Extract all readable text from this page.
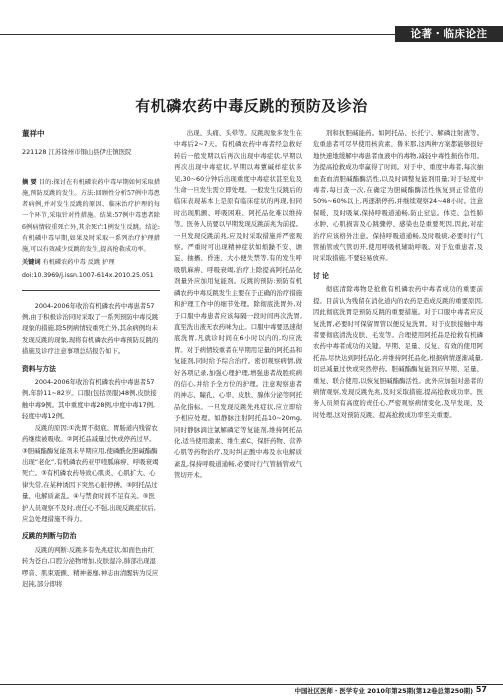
论著・临床论注
有机磷农药中毒反跳的预防及诊治
董祥中
221128 江苏徐州市铜山县伊庄镇医院
摘 要 目的:探讨在有机磷农药中毒早期如何采取措施,预防反跳的发生。方法:回顾性分析57例中毒患者病例,并对发生反跳的原因、临床治疗护理的每一个环节,采取针对性措施。结果:57例中毒患者除6例病情较重死亡外,其余死亡1例发生反跳。结论:有机磷中毒早期,如果及时采取一系列治疗护理措施,可以有效减少反跳的发生,提高抢救成功率。
关键词 有机磷农药中毒 反跳 护理
doi:10.3969/j.issn.1007-614x.2010.25.051

2004-2006年收治有机磷农药中毒患者57例,由于积极诊治同时采取了一系列预防中毒反跳现象的措施,除5例病情较重死亡外,其余病例均未发现反跳的现象,现将有机磷农药中毒预防反跳的措施及诊疗注意事项总结报告如下。

资料与方法

2004-2006年收治有机磷农药中毒患者57例,年龄11~82岁。口服(包括误服)48例,皮肤接触中毒9例。其中重度中毒28例,中度中毒17例,轻度中毒12例。

反跳的原因:①洗胃不彻底、胃肠道内残留农药继续被吸收。②阿托品减量过快或停药过早。③胆碱酯酶复能剂未早期应用,使磷酰化胆碱酯酶出现“老化”,有机磷农药亚甲喹胍麻痹、呼吸衰竭死亡。③有机磷农药导致心肌炎、心肌扩大、心律失常,在某种诱因下突然心脏停搏。③阿托品过量、电解质紊乱。④与禁食时间不足有关。⑤医护人员观察不及时,责任心不强,出现反跳症状后,应急处理措施不得力。

反跳的判断与防治

反跳的判断:反跳多有先兆症状,如面色由红转为苍白,口腔分泌物增加,皮肤湿冷,肺部出现湿啰音、肌束震颤、精神萎靡,神志由清醒转为反应迟钝,部分即将

出现、头痛、头晕等。反跳现象多发生在中毒后2~7天。有机磷农药中毒者经急救好转后一般发期以后再次出现中毒症状,早期以再次出现中毒症状,早期以毒蕈碱样症状多见,30~60分钟后出现重度中毒症状甚至危及生命一旦发生需立即处理。一般发生反跳后的临床表现基本上是原有临床症状的再现,但同时出现肌颤、呼吸困难、阿托品化难以维持等。医务人员要以早期发现反跳前兆为前提。一旦发现反跳前兆,应及时采取措施并严密观察。严重时可出现精神症状如烦躁不安、谵妄、抽搐、昏迷、大小便失禁等,有的发生呼吸肌麻痹、呼吸衰竭,治疗上除提高阿托品化剂量外应加用复能剂。反跳的预防:预防有机磷农药中毒反跳发生主要在于正确的治疗措施和护理工作中的细节处理。除彻底洗胃外,对于口服中毒患者应该每隔一段时间再次洗胃,直至洗出液无农药味为止。口服中毒要迅速彻底洗胃,凡就诊时间在6小时以内的,均应洗胃。对于病情较重者在早期用足量的阿托品和复能剂,同时给予综合治疗。密切观察病情,做好各项记录,加强心理护理,增强患者战胜疾病的信心,并给予全方位的护理。注意观察患者的神志、瞳孔、心率、皮肤、腺体分泌等阿托品化指标。一旦发现反跳先兆症状,应立即给予相应处理。如静脉注射阿托品10~20mg,同时静脉滴注氯解磷定等复能剂,维持阿托品化,适当使用激素、维生素C、保肝药物、营养心肌等药物治疗,及时纠正酸中毒及水电解质紊乱,保持呼吸道通畅,必要时行气管插管或气管切开术。

剂和抗胆碱能药。如阿托品、长托宁、解磷注射液等。危重患者可尽早使用核黄素、鲁米那,这两种方案都能够很好地快速地缓解中毒患者血液中的毒物,减轻中毒性损伤作用。为提高抢救成功率赢得了时间。对于中、重度中毒者,每次抽血查血清胆碱酯酶活性,以及时调整复能剂用量;对于轻度中毒者,每日查一次,在确定为胆碱酯酶活性恢复到正常值的50%~60%以上,再逐渐停药,并继续观察24~48小时。注意保暖、及时吸氧,保持呼吸道通畅,防止窒息。体克、急性肺水肿、心肌损害及心跳骤停、感染也是重要死因,因此,对症治疗应该格外注意。保持呼吸道通畅,及时吸痰,必要时行气管插管或气管切开,使用呼吸机辅助呼吸。对于危重患者,及时采取措施,不要轻易放弃。

讨 论

彻底清除毒物是抢救有机磷农药中毒者成功的重要前提。目前认为残留在消化道内的农药是造成反跳的重要原因,因此彻底洗胃是预防反跳的重要措施。对于口服中毒者应反复洗胃,必要时可保留胃管以便反复洗胃。对于皮肤接触中毒者要彻底清洗皮肤、毛发等。合理使用阿托品是抢救有机磷农药中毒者成功的关键。早期、足量、反复、有效的使用阿托品,尽快达到阿托品化,并维持阿托品化,根据病情逐渐减量,切忌减量过快或突然停药。胆碱酯酶复能剂应早期、足量、重复、联合使用,以恢复胆碱酯酶活性。此外应加强对患者的病情观察,发现反跳先兆,及时采取措施,提高抢救成功率。医务人员须有高度的责任心,严密观察病情变化,及早发现、及时处理,这对预防反跳、提高抢救成功率至关重要。

中国社区医师・医学专业 2010年第25期(第12卷总第250期) 57
